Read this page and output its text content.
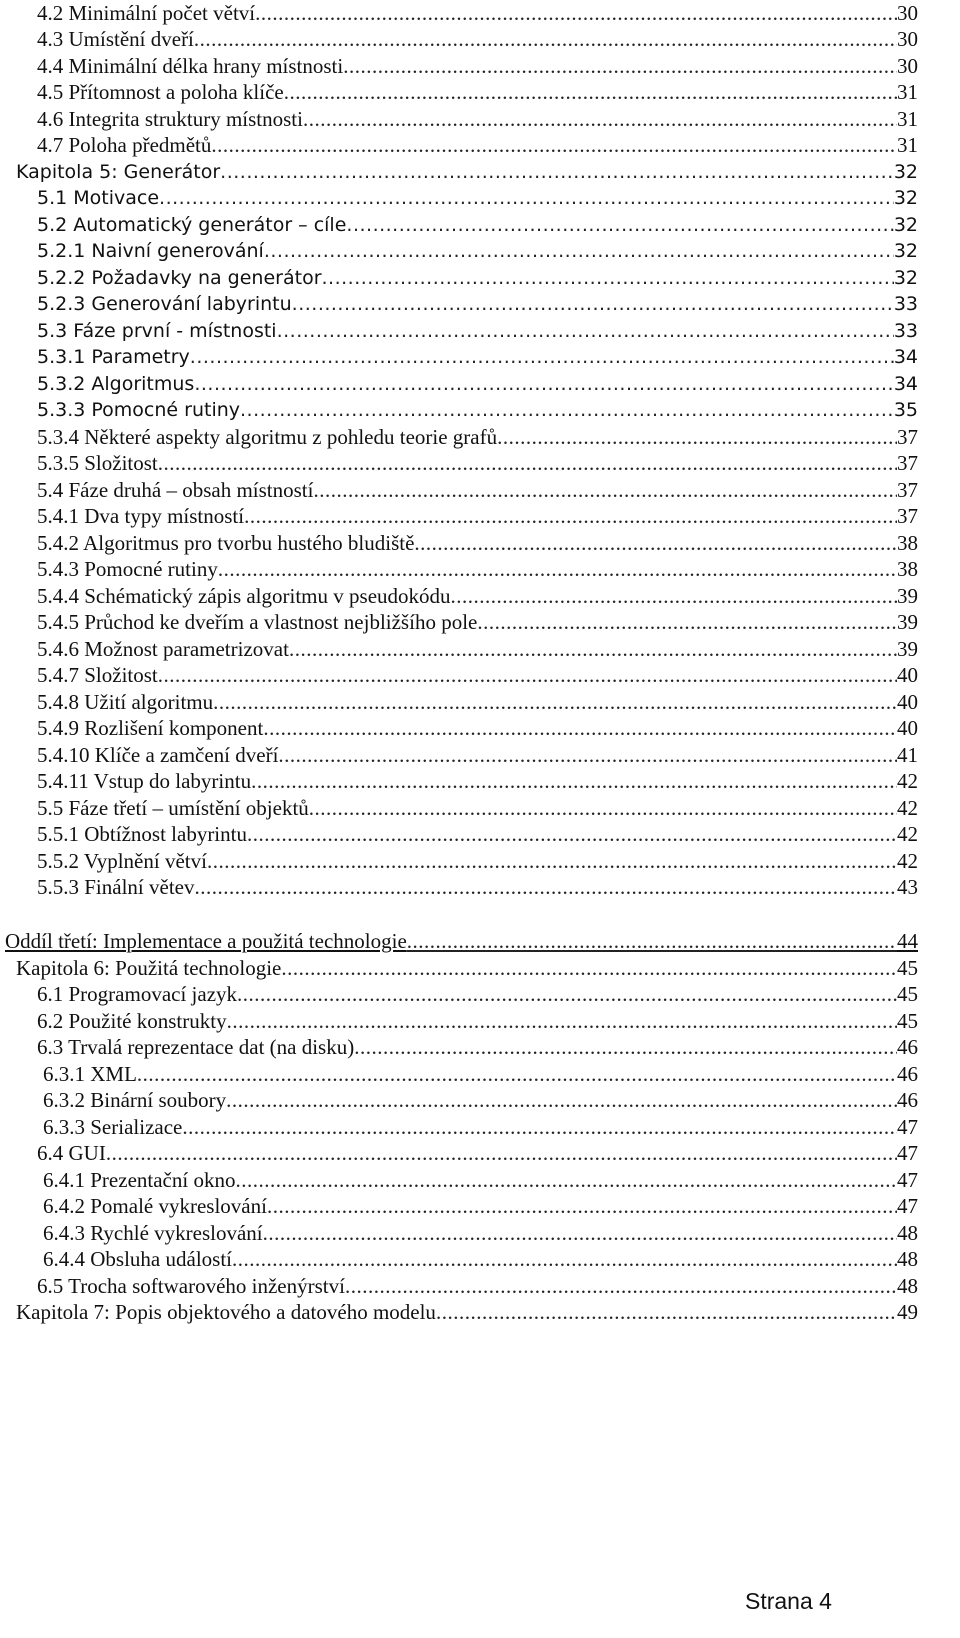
4.2 Minimální počet větví .....	30
4.3 Umístění dveří .....	30
4.4 Minimální délka hrany místnosti .....	30
4.5 Přítomnost a poloha klíče .....	31
4.6 Integrita struktury místnosti .....	31
4.7 Poloha předmětů .....	31
Kapitola 5: Generátor .....	32
5.1 Motivace .....	32
5.2 Automatický generátor – cíle .....	32
5.2.1 Naivní generování .....	32
5.2.2 Požadavky na generátor .....	32
5.2.3 Generování labyrintu .....	33
5.3 Fáze první - místnosti .....	33
5.3.1 Parametry .....	34
5.3.2 Algoritmus .....	34
5.3.3 Pomocné rutiny .....	35
5.3.4 Některé aspekty algoritmu z pohledu teorie grafů .....	37
5.3.5 Složitost .....	37
5.4 Fáze druhá – obsah místností .....	37
5.4.1 Dva typy místností .....	37
5.4.2 Algoritmus pro tvorbu hustého bludiště .....	38
5.4.3 Pomocné rutiny .....	38
5.4.4 Schématický zápis algoritmu v pseudokódu .....	39
5.4.5 Průchod ke dveřím a vlastnost nejbližšího pole .....	39
5.4.6 Možnost parametrizovat .....	39
5.4.7 Složitost .....	40
5.4.8 Užití algoritmu .....	40
5.4.9 Rozlišení komponent .....	40
5.4.10 Klíče a zamčení dveří .....	41
5.4.11 Vstup do labyrintu .....	42
5.5 Fáze třetí – umístění objektů .....	42
5.5.1 Obtížnost labyrintu .....	42
5.5.2 Vyplnění větví .....	42
5.5.3 Finální větev .....	43
Oddíl třetí: Implementace a použitá technologie .....	44
Kapitola 6: Použitá technologie .....	45
6.1 Programovací jazyk .....	45
6.2 Použité konstrukty .....	45
6.3 Trvalá reprezentace dat (na disku) .....	46
6.3.1 XML .....	46
6.3.2 Binární soubory .....	46
6.3.3 Serializace .....	47
6.4 GUI .....	47
6.4.1 Prezentační okno .....	47
6.4.2 Pomalé vykreslování .....	47
6.4.3 Rychlé vykreslování .....	48
6.4.4 Obsluha událostí .....	48
6.5 Trocha softwarového inženýrství .....	48
Kapitola 7: Popis objektového a datového modelu .....	49
Strana 4
